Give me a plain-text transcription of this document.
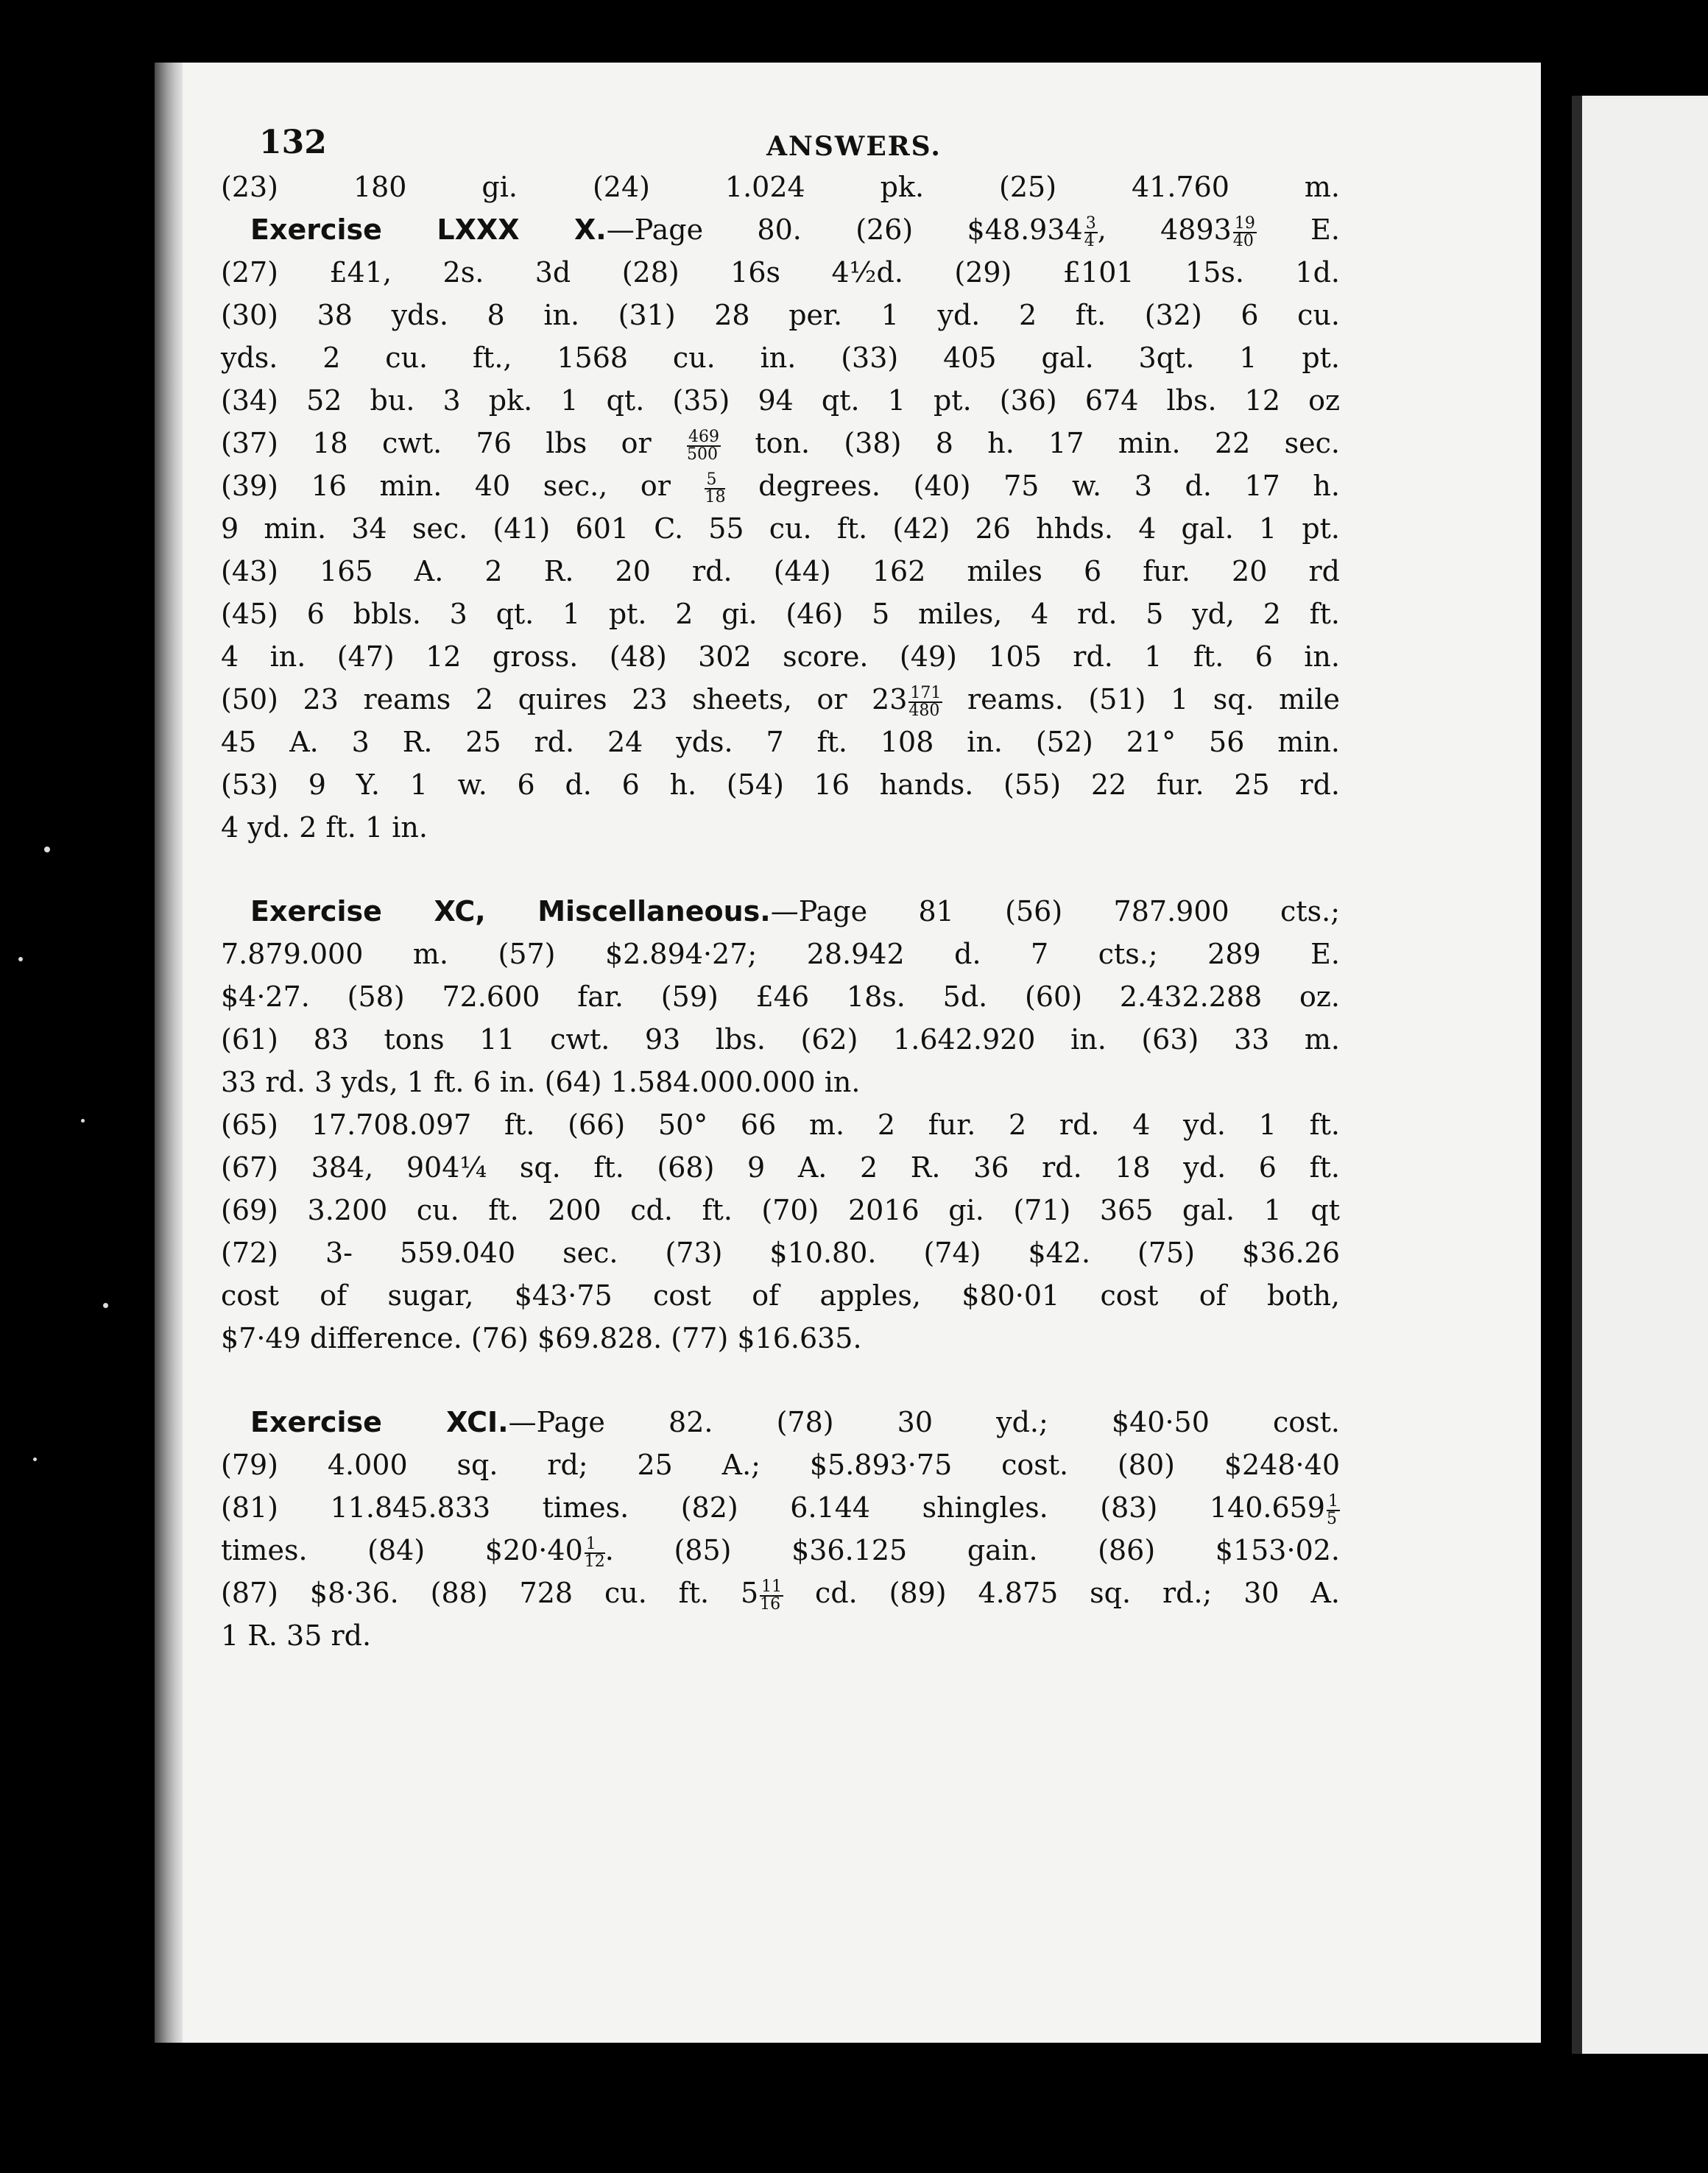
132	ANSWERS.
(23) 180 gi. (24) 1.024 pk. (25) 41.760 m.
Exercise LXXX X.—Page 80. (26) $48.934 $\frac{3}{4}$ , $4893 \frac{19}{40} E$.
(27) £41, 2s. 3d (28) 16s 4½d. (29) £101 15s. 1d.
(30) 38 yds. 8 in. (31) 28 per. 1 yd. 2 ft. (32) 6 cu.
yds. 2 cu. ft., 1568 cu. in. (33) 405 gal. 3qt. 1 pt.
(34) 52 bu. 3 pk. 1 qt. (35) 94 qt. 1 pt. (36) 674 lbs. 12 oz
(37) 18 cwt. 76 lbs or $\frac{469}{500}$ ton. (38) 8 h. 17 min. 22 sec.
(39) 16 min. 40 sec., or $\frac{5}{18}$ degrees. (40) 75 w. 3 d. 17 h.
9 min. 34 sec. (41) 601 C. 55 cu. ft. (42) 26 hhds. 4 gal. 1 pt.
(43) 165 A. 2 R. 20 rd. (44) 162 miles 6 fur. 20 rd
(45) 6 bbls. 3 qt. 1 pt. 2 gi. (46) 5 miles, 4 rd. 5 yd, 2 ft.
4 in. (47) 12 gross. (48) 302 score. (49) 105 rd. 1 ft. 6 in.
(50) 23 reams 2 quires 23 sheets, or $23 \frac{171}{480}$ reams. (51) 1 sq. mile
45 A. 3 R. 25 rd. 24 yds. 7 ft. 108 in. (52) 21° 56 min.
(53) 9 Y. 1 w. 6 d. 6 h. (54) 16 hands. (55) 22 fur. 25 rd.
4 yd. 2 ft. 1 in.
Exercise XC, Miscellaneous.—Page 81 (56) 787.900 cts.;
7.879.000 m. (57) $2.894·27; 28.942 d. 7 cts.; 289 E.
$4·27. (58) 72.600 far. (59) £46 18s. 5d. (60) 2.432.288 oz.
(61) 83 tons 11 cwt. 93 lbs. (62) 1.642.920 in. (63) 33 m.
33 rd. 3 yds, 1 ft. 6 in. (64) 1.584.000.000 in.
(65) 17.708.097 ft. (66) 50° 66 m. 2 fur. 2 rd. 4 yd. 1 ft.
(67) 384, 904¼ sq. ft. (68) 9 A. 2 R. 36 rd. 18 yd. 6 ft.
(69) 3.200 cu. ft. 200 cd. ft. (70) 2016 gi. (71) 365 gal. 1 qt
(72) 3- 559.040 sec. (73) $10.80. (74) $42. (75) $36.26
cost of sugar, $43·75 cost of apples, $80·01 cost of both,
$7·49 difference. (76) $69.828. (77) $16.635.
Exercise XCI.—Page 82. (78) 30 yd.; $40·50 cost.
(79) 4.000 sq. rd; 25 A.; $5.893·75 cost. (80) $248·40
(81) 11.845.833 times. (82) 6.144 shingles. (83) $140.659 \frac{1}{5}$
times. (84) $20·40 $\frac{1}{12}$ . (85) $36.125 gain. (86) $153·02.
(87) $8·36. (88) 728 cu. ft. $5 \frac{11}{16}$ cd. (89) 4.875 sq. rd.; 30 A.
1 R. 35 rd.
